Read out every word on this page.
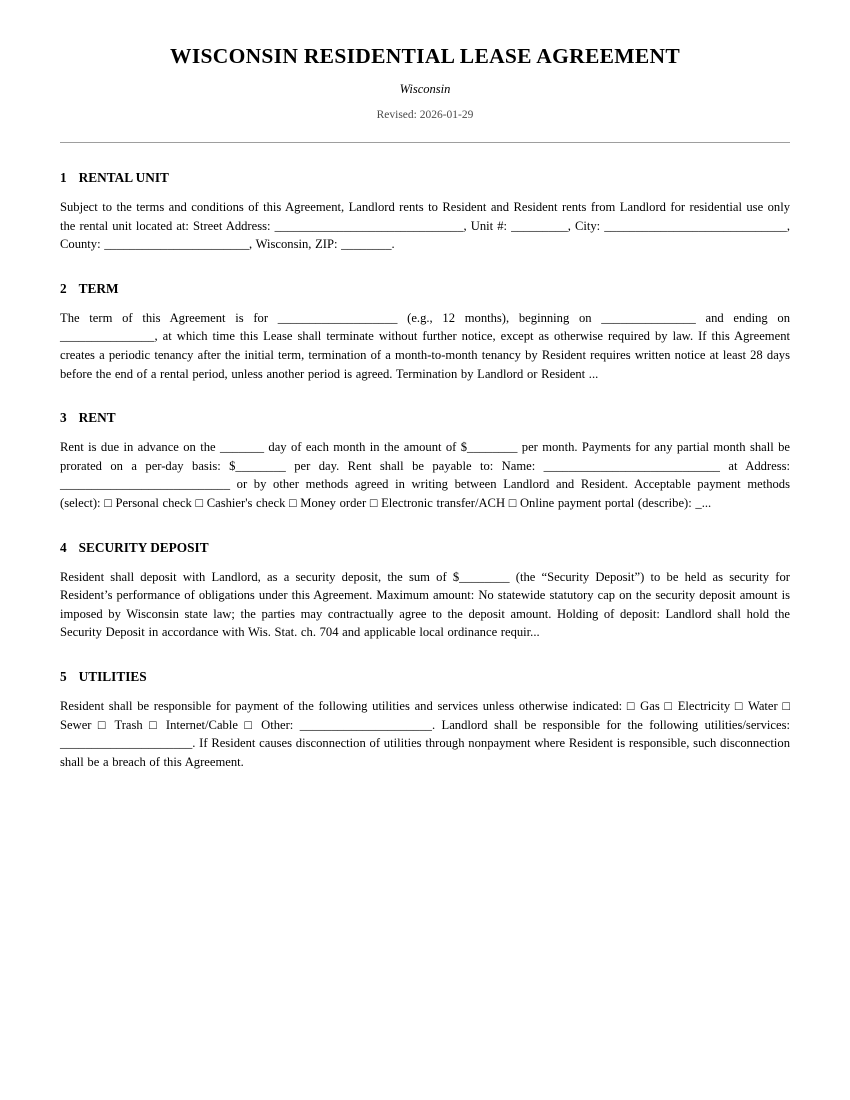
WISCONSIN RESIDENTIAL LEASE AGREEMENT

Wisconsin

Revised: 2026-01-29

1 RENTAL UNIT

Subject to the terms and conditions of this Agreement, Landlord rents to Resident and Resident rents from Landlord for residential use only the rental unit located at: Street Address: ______________________________, Unit #: _________, City: _____________________________, County: _______________________, Wisconsin, ZIP: ________.

2 TERM

The term of this Agreement is for ___________________ (e.g., 12 months), beginning on _______________ and ending on _______________, at which time this Lease shall terminate without further notice, except as otherwise required by law. If this Agreement creates a periodic tenancy after the initial term, termination of a month-to-month tenancy by Resident requires written notice at least 28 days before the end of a rental period, unless another period is agreed. Termination by Landlord or Resident ...

3 RENT

Rent is due in advance on the _______ day of each month in the amount of $________ per month. Payments for any partial month shall be prorated on a per-day basis: $________ per day. Rent shall be payable to: Name: ____________________________ at Address: ___________________________ or by other methods agreed in writing between Landlord and Resident. Acceptable payment methods (select): □ Personal check □ Cashier's check □ Money order □ Electronic transfer/ACH □ Online payment portal (describe): _...

4 SECURITY DEPOSIT

Resident shall deposit with Landlord, as a security deposit, the sum of $________ (the “Security Deposit”) to be held as security for Resident’s performance of obligations under this Agreement. Maximum amount: No statewide statutory cap on the security deposit amount is imposed by Wisconsin state law; the parties may contractually agree to the deposit amount. Holding of deposit: Landlord shall hold the Security Deposit in accordance with Wis. Stat. ch. 704 and applicable local ordinance requir...

5 UTILITIES

Resident shall be responsible for payment of the following utilities and services unless otherwise indicated: □ Gas □ Electricity □ Water □ Sewer □ Trash □ Internet/Cable □ Other: _____________________. Landlord shall be responsible for the following utilities/services: _____________________. If Resident causes disconnection of utilities through nonpayment where Resident is responsible, such disconnection shall be a breach of this Agreement.
